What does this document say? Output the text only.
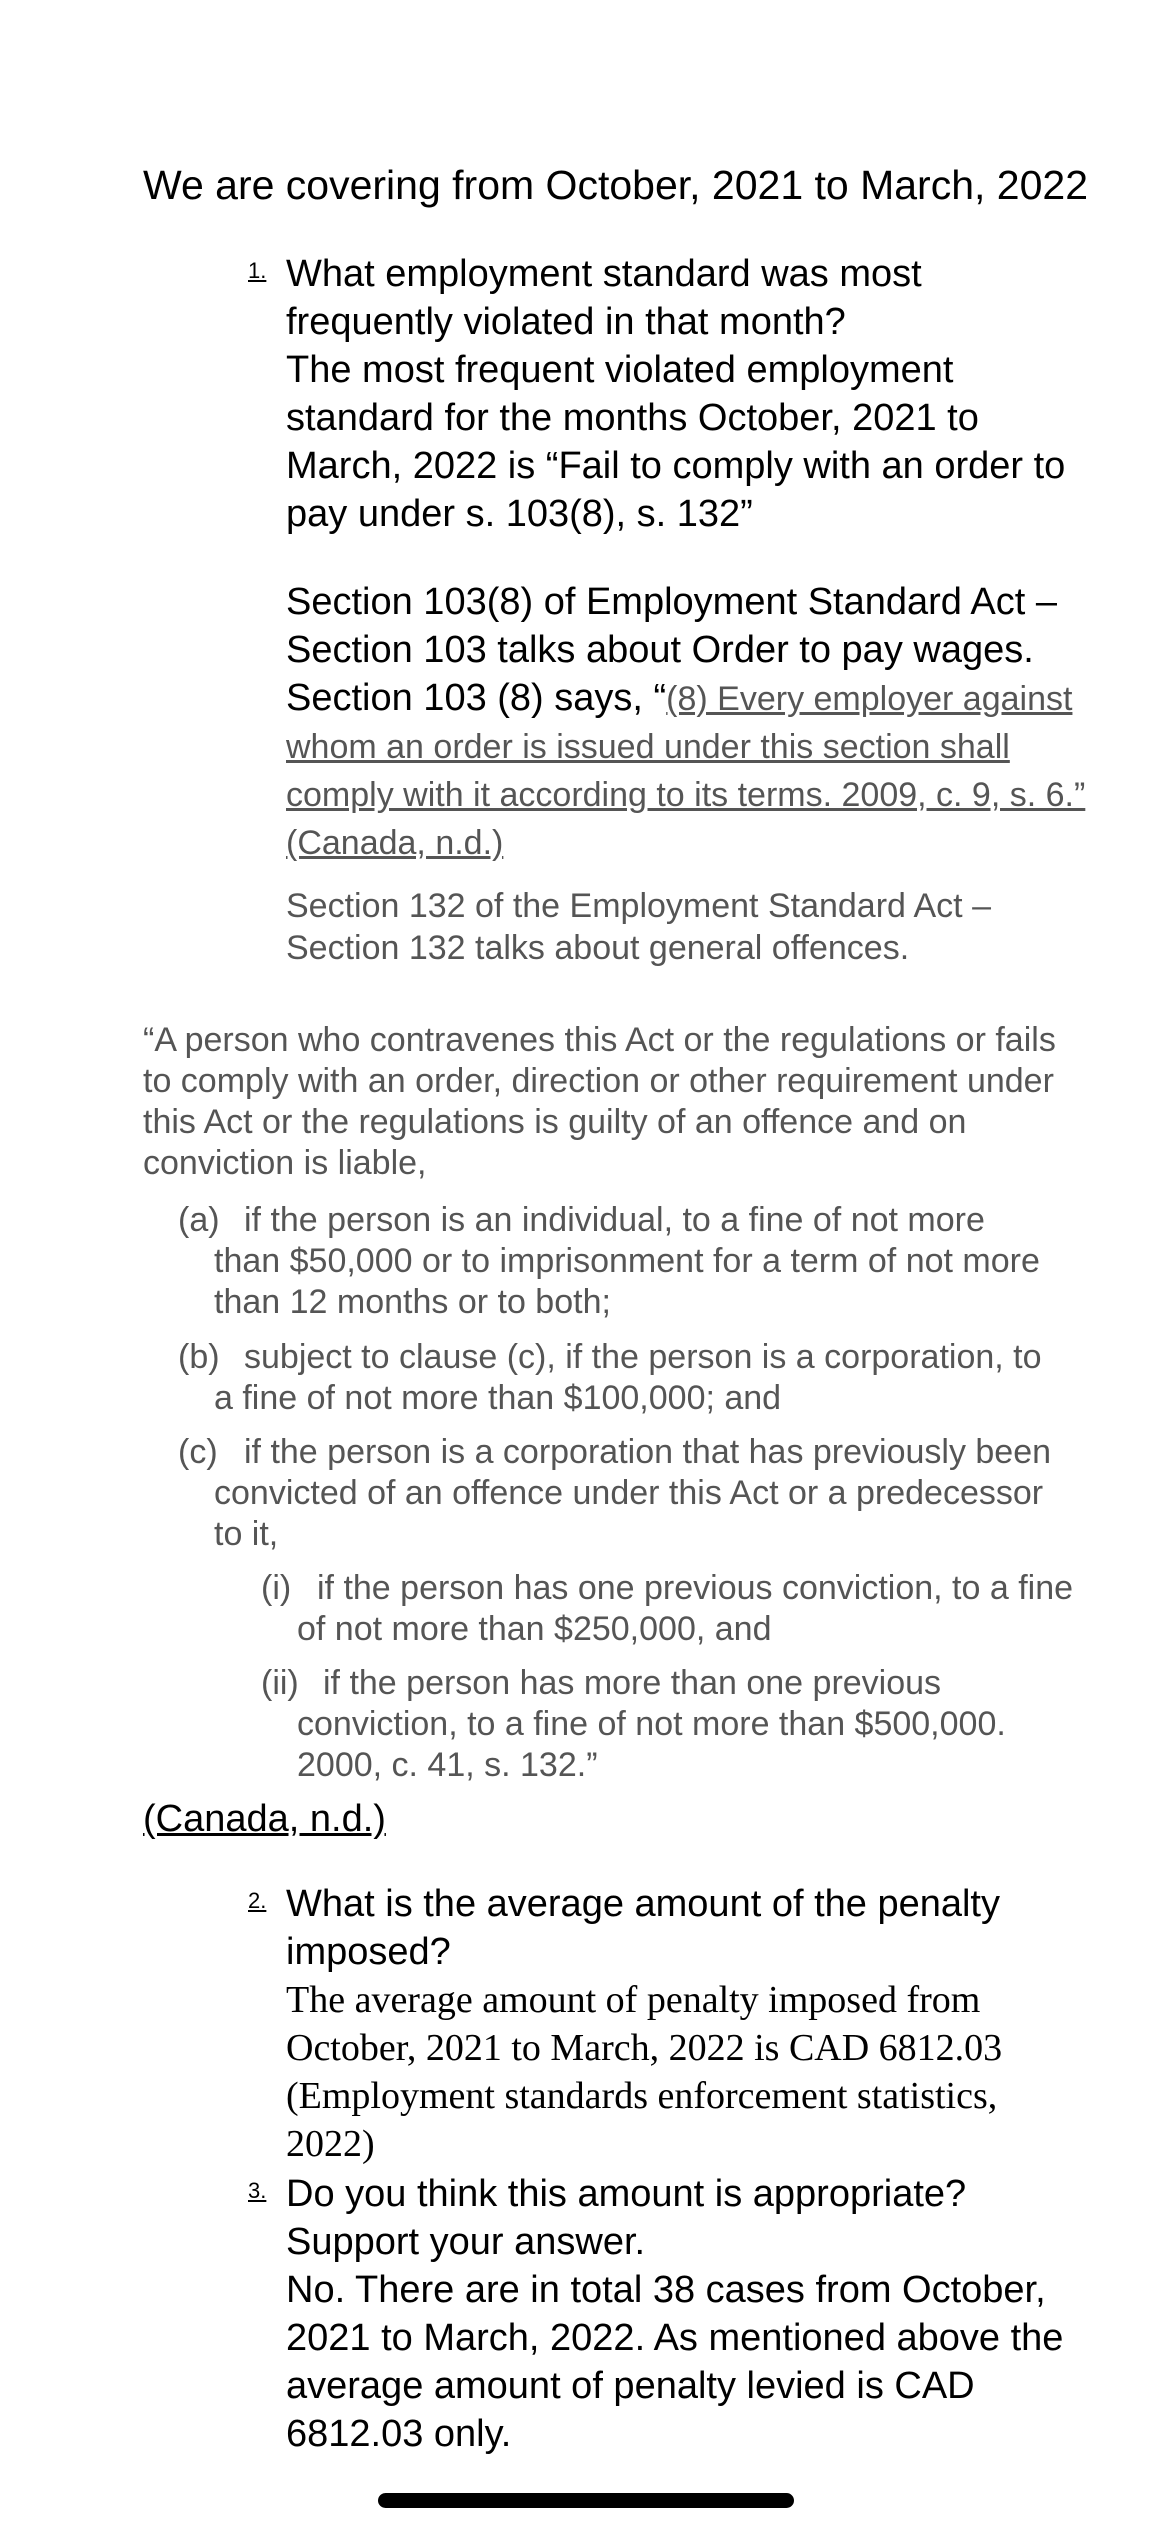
We are covering from October, 2021 to March, 2022
1. What employment standard was most frequently violated in that month?
The most frequent violated employment standard for the months October, 2021 to March, 2022 is “Fail to comply with an order to pay under s. 103(8), s. 132”
Section 103(8) of Employment Standard Act – Section 103 talks about Order to pay wages. Section 103 (8) says, “(8) Every employer against whom an order is issued under this section shall comply with it according to its terms. 2009, c. 9, s. 6.” (Canada, n.d.)
Section 132 of the Employment Standard Act – Section 132 talks about general offences.
“A person who contravenes this Act or the regulations or fails to comply with an order, direction or other requirement under this Act or the regulations is guilty of an offence and on conviction is liable,
(a) if the person is an individual, to a fine of not more than $50,000 or to imprisonment for a term of not more than 12 months or to both;
(b) subject to clause (c), if the person is a corporation, to a fine of not more than $100,000; and
(c) if the person is a corporation that has previously been convicted of an offence under this Act or a predecessor to it,
(i) if the person has one previous conviction, to a fine of not more than $250,000, and
(ii) if the person has more than one previous conviction, to a fine of not more than $500,000. 2000, c. 41, s. 132.”
(Canada, n.d.)
2. What is the average amount of the penalty imposed?
The average amount of penalty imposed from October, 2021 to March, 2022 is CAD 6812.03 (Employment standards enforcement statistics, 2022)
3. Do you think this amount is appropriate? Support your answer.
No. There are in total 38 cases from October, 2021 to March, 2022. As mentioned above the average amount of penalty levied is CAD 6812.03 only.
